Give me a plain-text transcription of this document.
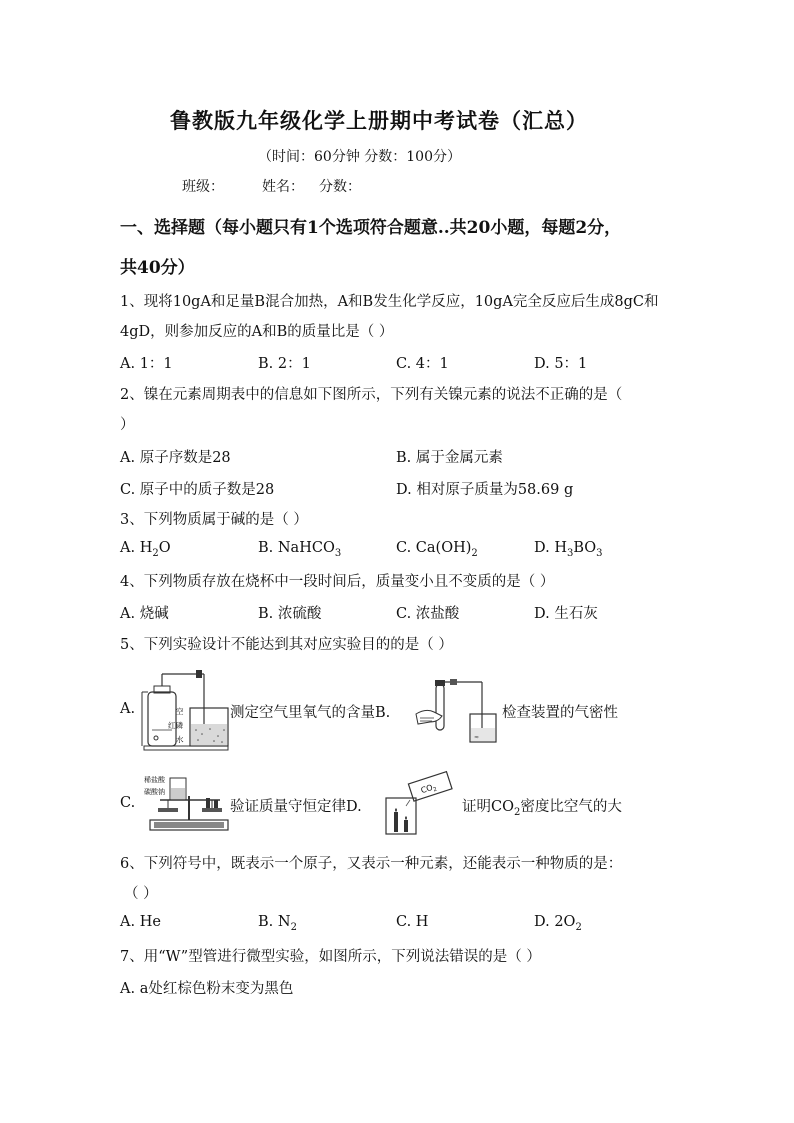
鲁教版九年级化学上册期中考试卷（汇总）
（时间：60分钟 分数：100分）
班级：	姓名： 分数：
一、选择题（每小题只有1个选项符合题意..共20小题，每题2分，
共40分）
1、现将10gA和足量B混合加热，A和B发生化学反应，10gA完全反应后生成8gC和
4gD，则参加反应的A和B的质量比是（ ）
A. 1：1	B. 2：1	C. 4：1	D. 5：1
2、镍在元素周期表中的信息如下图所示，下列有关镍元素的说法不正确的是（
）
A. 原子序数是28	B. 属于金属元素
C. 原子中的质子数是28	D. 相对原子质量为58.69 g
3、下列物质属于碱的是（ ）
A. $H_2O$	B. NaHCO$_3$	C. $Ca(OH)_2$	D. $H_3BO_3$
4、下列物质存放在烧杯中一段时间后，质量变小且不变质的是（ ）
A. 烧碱	B. 浓硫酸	C. 浓盐酸	D. 生石灰
5、下列实验设计不能达到其对应实验目的的是（ ）
A.	空
红磷
水
测定空气里氧气的含量B.
≈
检查装置的气密性
C.
稀盐酸
碳酸钠
验证质量守恒定律D.
$CO_2$
证明$CO_2$密度比空气的大
6、下列符号中，既表示一个原子，又表示一种元素，还能表示一种物质的是：
（ ）
A. He	B. $N_2$	C. H	D. $2O_2$
7、用“W”型管进行微型实验，如图所示，下列说法错误的是（ ）
A. a处红棕色粉末变为黑色
